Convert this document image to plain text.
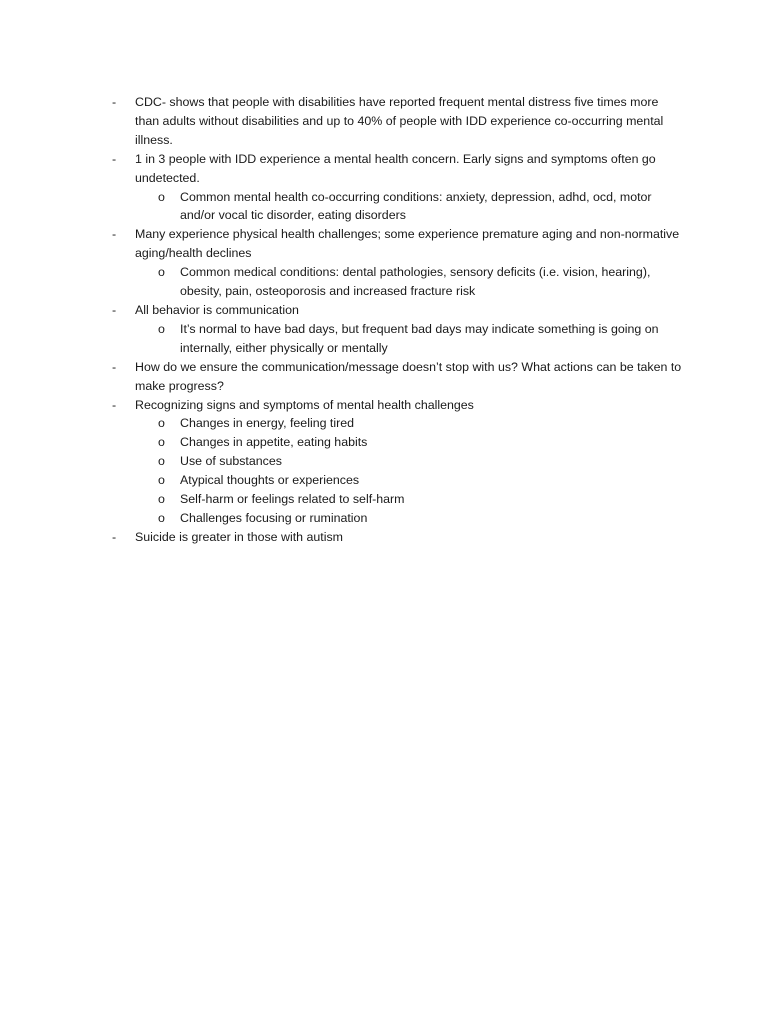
-	CDC- shows that people with disabilities have reported frequent mental distress five times more than adults without disabilities and up to 40% of people with IDD experience co-occurring mental illness.
-	1 in 3 people with IDD experience a mental health concern. Early signs and symptoms often go undetected.
o	Common mental health co-occurring conditions: anxiety, depression, adhd, ocd, motor and/or vocal tic disorder, eating disorders
-	Many experience physical health challenges; some experience premature aging and non-normative aging/health declines
o	Common medical conditions: dental pathologies, sensory deficits (i.e. vision, hearing), obesity, pain, osteoporosis and increased fracture risk
-	All behavior is communication
o	It’s normal to have bad days, but frequent bad days may indicate something is going on internally, either physically or mentally
-	How do we ensure the communication/message doesn’t stop with us? What actions can be taken to make progress?
-	Recognizing signs and symptoms of mental health challenges
o	Changes in energy, feeling tired
o	Changes in appetite, eating habits
o	Use of substances
o	Atypical thoughts or experiences
o	Self-harm or feelings related to self-harm
o	Challenges focusing or rumination
-	Suicide is greater in those with autism
